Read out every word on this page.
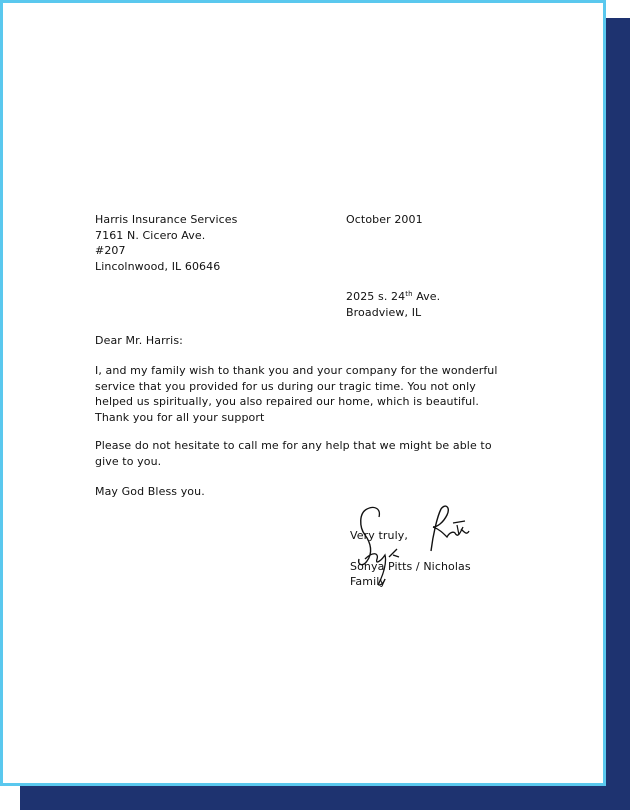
Harris Insurance Services
7161 N. Cicero Ave.
#207
Lincolnwood, IL 60646
October 2001
2025 s. 24th Ave.
Broadview, IL
Dear Mr. Harris:
I, and my family wish to thank you and your company for the wonderful service that you provided for us during our tragic time. You not only helped us spiritually, you also repaired our home, which is beautiful. Thank you for all your support
Please do not hesitate to call me for any help that we might be able to give to you.
May God Bless you.
Very truly,
Sonya Pitts / Nicholas
Family
